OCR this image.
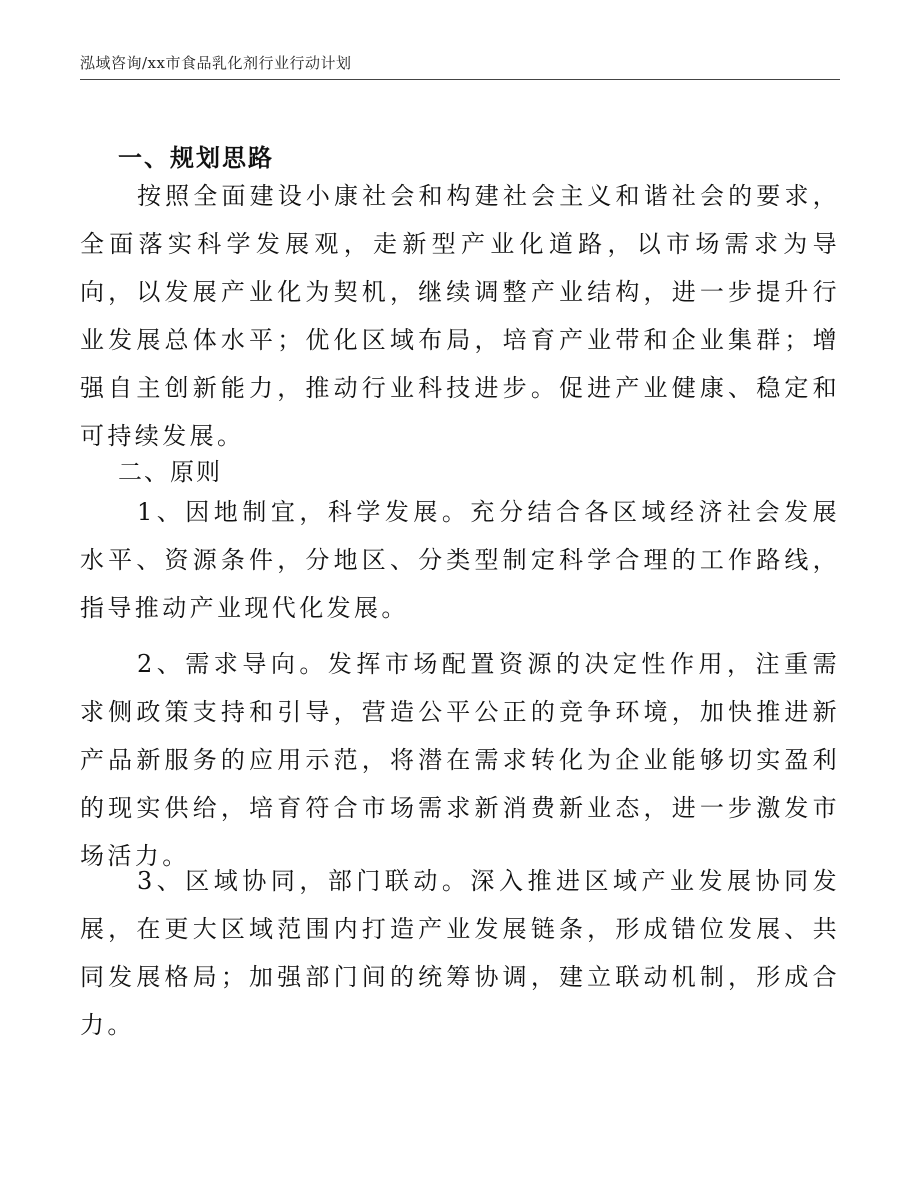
泓域咨询/xx市食品乳化剂行业行动计划
一、规划思路

按照全面建设小康社会和构建社会主义和谐社会的要求，全面落实科学发展观，走新型产业化道路，以市场需求为导向，以发展产业化为契机，继续调整产业结构，进一步提升行业发展总体水平；优化区域布局，培育产业带和企业集群；增强自主创新能力，推动行业科技进步。促进产业健康、稳定和可持续发展。

二、原则

1、因地制宜，科学发展。充分结合各区域经济社会发展水平、资源条件，分地区、分类型制定科学合理的工作路线，指导推动产业现代化发展。

2、需求导向。发挥市场配置资源的决定性作用，注重需求侧政策支持和引导，营造公平公正的竞争环境，加快推进新产品新服务的应用示范，将潜在需求转化为企业能够切实盈利的现实供给，培育符合市场需求新消费新业态，进一步激发市场活力。

3、区域协同，部门联动。深入推进区域产业发展协同发展，在更大区域范围内打造产业发展链条，形成错位发展、共同发展格局；加强部门间的统筹协调，建立联动机制，形成合力。
